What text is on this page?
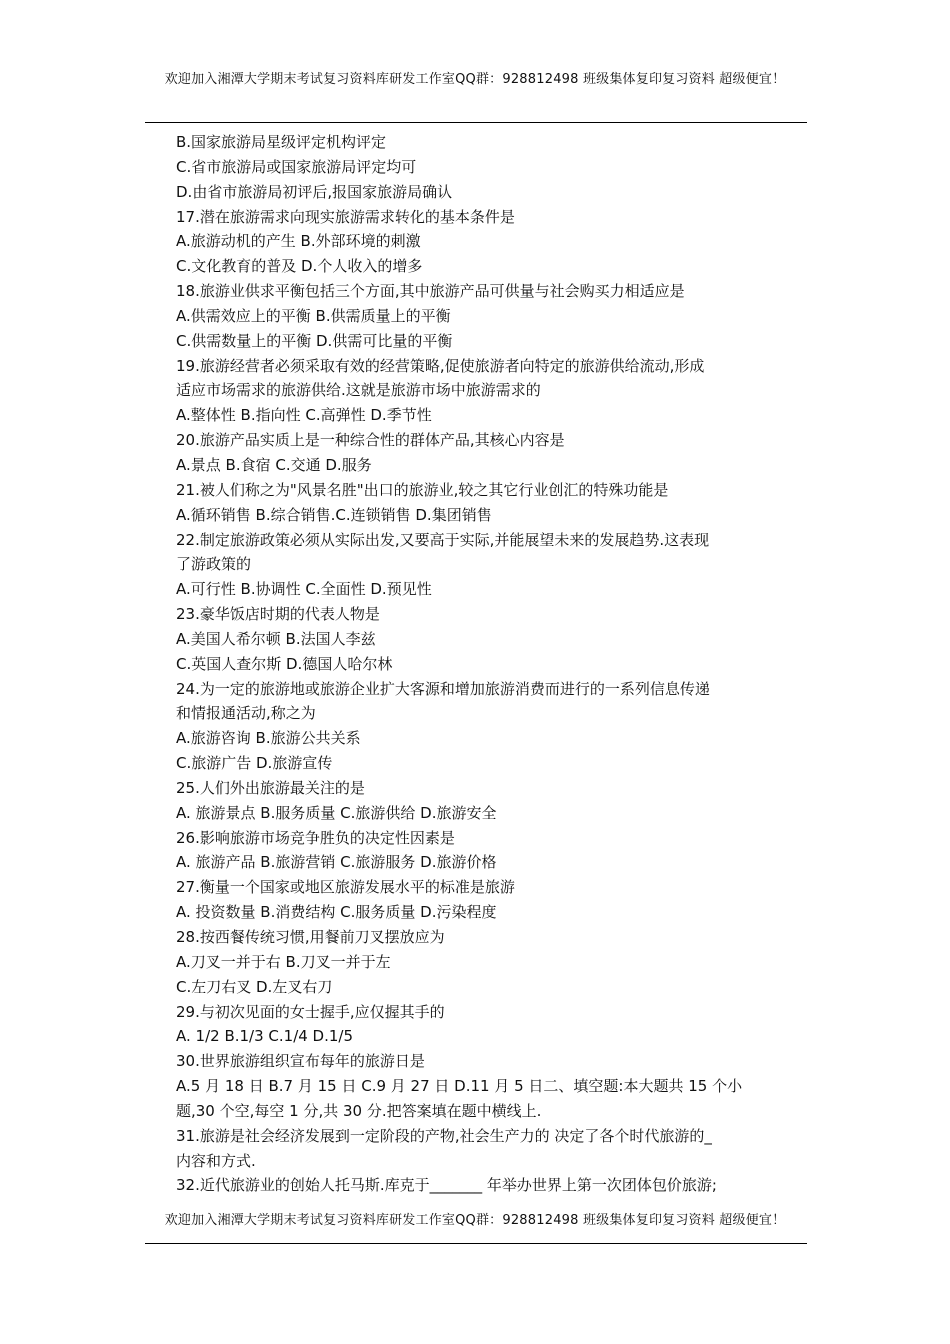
欢迎加入湘潭大学期末考试复习资料库研发工作室QQ群：928812498 班级集体复印复习资料 超级便宜！
B.国家旅游局星级评定机构评定
C.省市旅游局或国家旅游局评定均可
D.由省市旅游局初评后,报国家旅游局确认
17.潜在旅游需求向现实旅游需求转化的基本条件是
A.旅游动机的产生 B.外部环境的刺激
C.文化教育的普及 D.个人收入的增多
18.旅游业供求平衡包括三个方面,其中旅游产品可供量与社会购买力相适应是
A.供需效应上的平衡 B.供需质量上的平衡
C.供需数量上的平衡 D.供需可比量的平衡
19.旅游经营者必须采取有效的经营策略,促使旅游者向特定的旅游供给流动,形成
适应市场需求的旅游供给.这就是旅游市场中旅游需求的
A.整体性 B.指向性 C.高弹性 D.季节性
20.旅游产品实质上是一种综合性的群体产品,其核心内容是
A.景点 B.食宿 C.交通 D.服务
21.被人们称之为"风景名胜"出口的旅游业,较之其它行业创汇的特殊功能是
A.循环销售 B.综合销售.C.连锁销售 D.集团销售
22.制定旅游政策必须从实际出发,又要高于实际,并能展望未来的发展趋势.这表现
了游政策的
A.可行性 B.协调性 C.全面性 D.预见性
23.豪华饭店时期的代表人物是
A.美国人希尔顿 B.法国人李兹
C.英国人查尔斯 D.德国人哈尔林
24.为一定的旅游地或旅游企业扩大客源和增加旅游消费而进行的一系列信息传递
和情报通活动,称之为
A.旅游咨询 B.旅游公共关系
C.旅游广告 D.旅游宣传
25.人们外出旅游最关注的是
A. 旅游景点 B.服务质量 C.旅游供给 D.旅游安全
26.影响旅游市场竞争胜负的决定性因素是
A. 旅游产品 B.旅游营销 C.旅游服务 D.旅游价格
27.衡量一个国家或地区旅游发展水平的标准是旅游
A. 投资数量 B.消费结构 C.服务质量 D.污染程度
28.按西餐传统习惯,用餐前刀叉摆放应为
A.刀叉一并于右 B.刀叉一并于左
C.左刀右叉 D.左叉右刀
29.与初次见面的女士握手,应仅握其手的
A. 1/2 B.1/3 C.1/4 D.1/5
30.世界旅游组织宣布每年的旅游日是
A.5 月 18 日 B.7 月 15 日 C.9 月 27 日 D.11 月 5 日二、填空题:本大题共 15 个小
题,30 个空,每空 1 分,共 30 分.把答案填在题中横线上.
31.旅游是社会经济发展到一定阶段的产物,社会生产力的 决定了各个时代旅游的_
内容和方式.
32.近代旅游业的创始人托马斯.库克于_______ 年举办世界上第一次团体包价旅游;
欢迎加入湘潭大学期末考试复习资料库研发工作室QQ群：928812498 班级集体复印复习资料 超级便宜！
